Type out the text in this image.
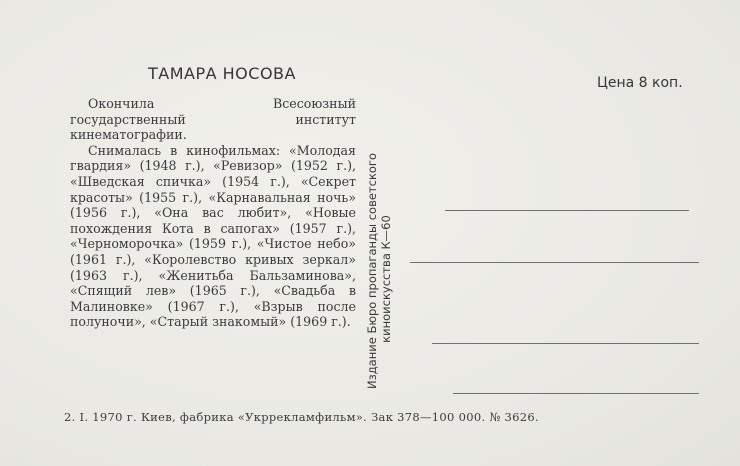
ТАМАРА НОСОВА	Цена 8 коп.

Окончила Всесоюзный государственный институт кинематографии.

Снималась в кинофильмах: «Молодая гвардия» (1948 г.), «Ревизор» (1952 г.), «Шведская спичка» (1954 г.), «Секрет красоты» (1955 г.), «Карнавальная ночь» (1956 г.), «Она вас любит», «Новые похождения Кота в сапогах» (1957 г.), «Черноморочка» (1959 г.), «Чистое небо» (1961 г.), «Королевство кривых зеркал» (1963 г.), «Женитьба Бальзаминова», «Спящий лев» (1965 г.), «Свадьба в Малиновке» (1967 г.), «Взрыв после полуночи», «Старый знакомый» (1969 г.).	Издание Бюро пропаганды советского киноискусства К—60
2. I. 1970 г. Киев, фабрика «Укррекламфильм». Зак 378—100 000. № 3626.
